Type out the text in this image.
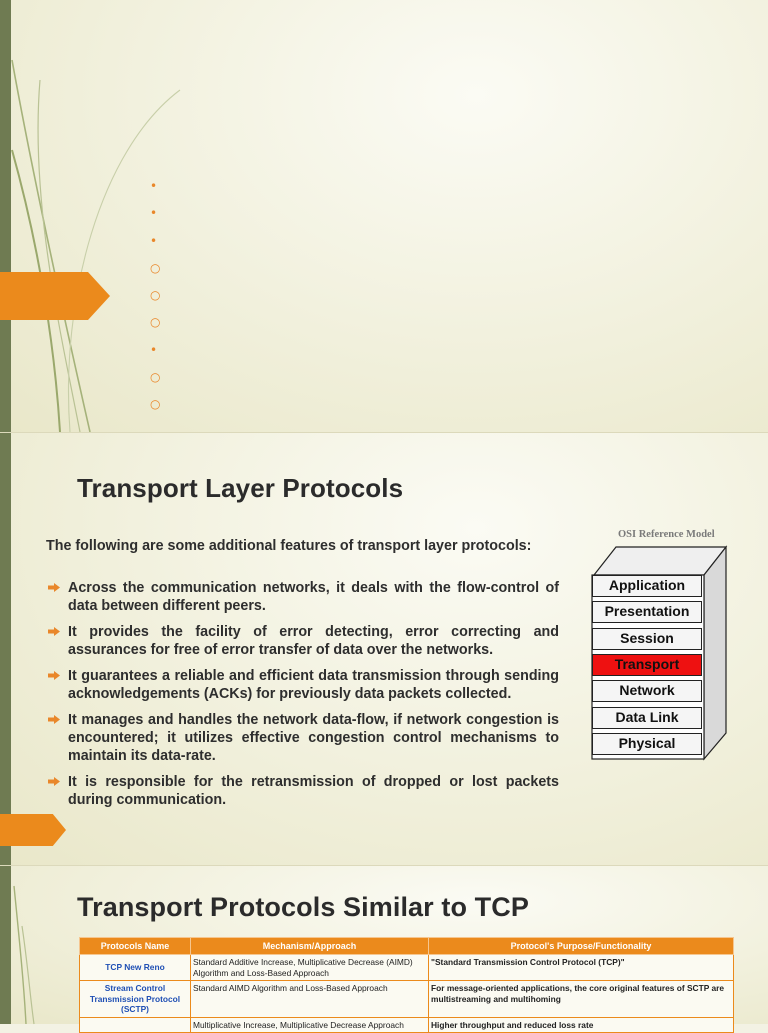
•
•
•
○
○
○
•
○
○
Transport Layer Protocols

The following are some additional features of transport layer protocols:

Across the communication networks, it deals with the flow-control of data between different peers.
It provides the facility of error detecting, error correcting and assurances for free of error transfer of data over the networks.
It guarantees a reliable and efficient data transmission through sending acknowledgements (ACKs) for previously data packets collected.
It manages and handles the network data-flow, if network congestion is encountered; it utilizes effective congestion control mechanisms to maintain its data-rate.
It is responsible for the retransmission of dropped or lost packets during communication.
OSI Reference Model
Application
Presentation
Session
Transport
Network
Data Link
Physical
Transport Protocols Similar to TCP
Protocols Name	Mechanism/Approach	Protocol's Purpose/Functionality
TCP New Reno	Standard Additive Increase, Multiplicative Decrease (AIMD) Algorithm and Loss-Based Approach	"Standard Transmission Control Protocol (TCP)"
Stream Control Transmission Protocol (SCTP)	Standard AIMD Algorithm and Loss-Based Approach	For message-oriented applications, the core original features of SCTP are multistreaming and multihoming
	Multiplicative Increase, Multiplicative Decrease Approach	Higher throughput and reduced loss rate
